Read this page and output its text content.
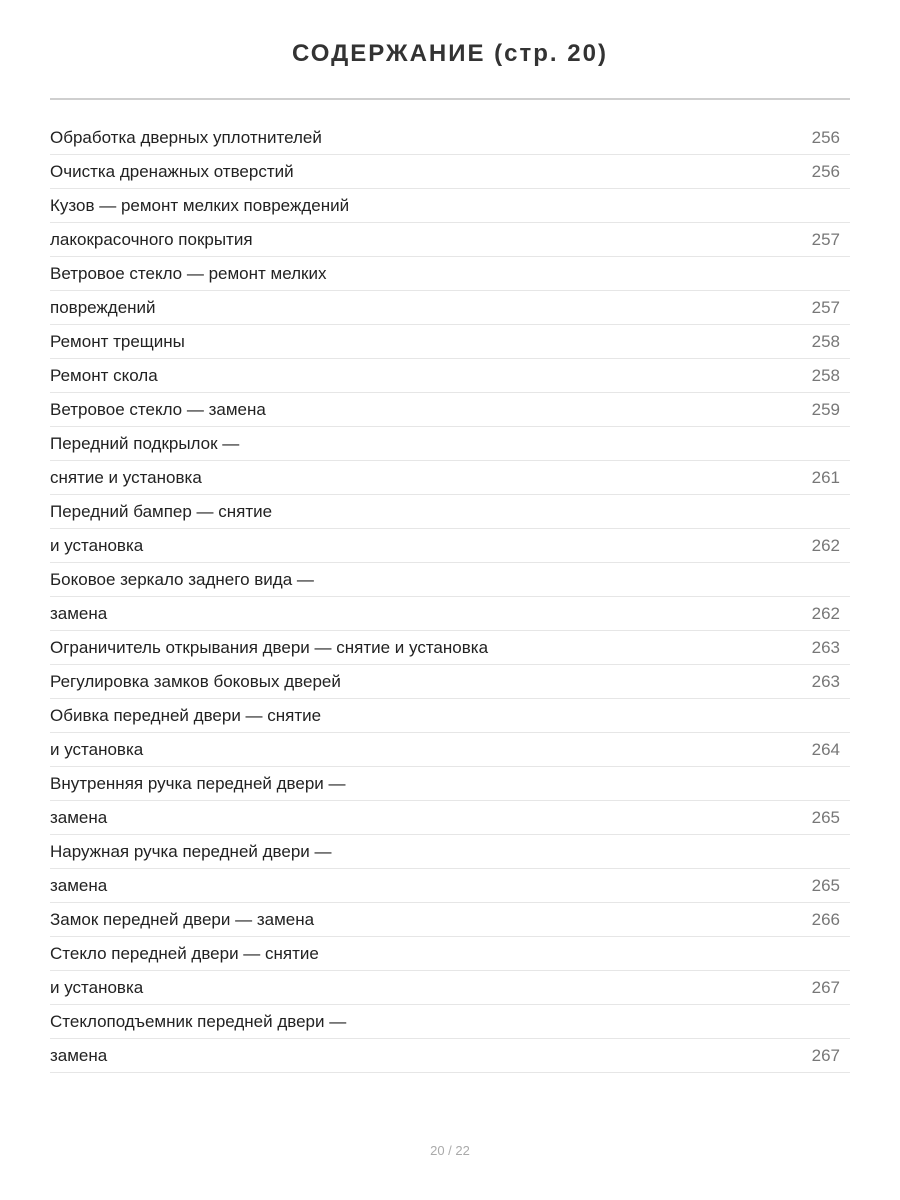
СОДЕРЖАНИЕ (стр. 20)
Обработка дверных уплотнителей	256
Очистка дренажных отверстий	256
Кузов — ремонт мелких повреждений
лакокрасочного покрытия	257
Ветровое стекло — ремонт мелких
повреждений	257
Ремонт трещины	258
Ремонт скола	258
Ветровое стекло — замена	259
Передний подкрылок —
снятие и установка	261
Передний бампер — снятие
и установка	262
Боковое зеркало заднего вида —
замена	262
Ограничитель открывания двери — снятие и установка	263
Регулировка замков боковых дверей	263
Обивка передней двери — снятие
и установка	264
Внутренняя ручка передней двери —
замена	265
Наружная ручка передней двери —
замена	265
Замок передней двери — замена	266
Стекло передней двери — снятие
и установка	267
Стеклоподъемник передней двери —
замена	267
20 / 22
